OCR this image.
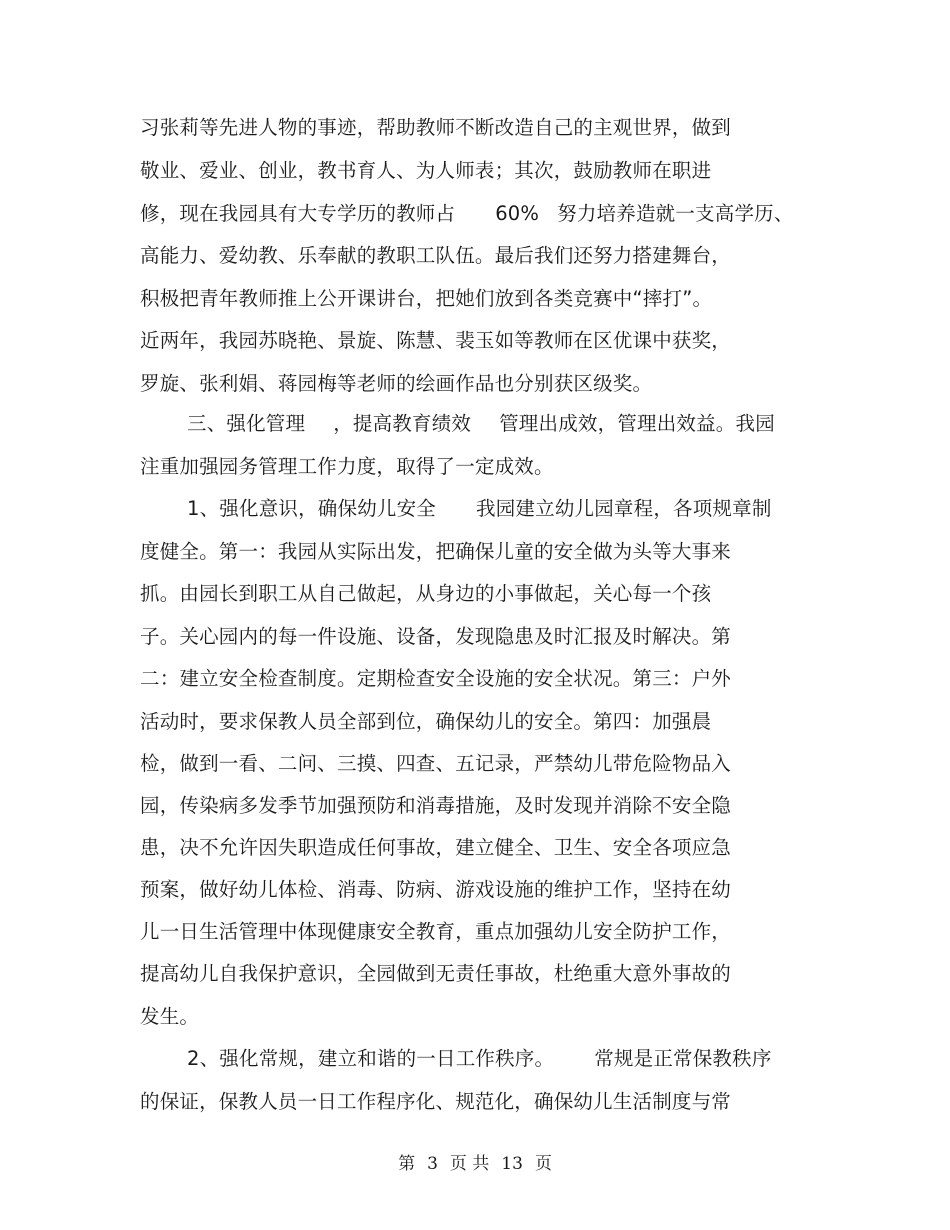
习张莉等先进人物的事迹，帮助教师不断改造自己的主观世界，做到
敬业、爱业、创业，教书育人、为人师表；其次，鼓励教师在职进
修，现在我园具有大专学历的教师占 60% 努力培养造就一支高学历、
高能力、爱幼教、乐奉献的教职工队伍。最后我们还努力搭建舞台，
积极把青年教师推上公开课讲台，把她们放到各类竞赛中“摔打”。
近两年，我园苏晓艳、景旋、陈慧、裴玉如等教师在区优课中获奖，
罗旋、张利娟、蒋园梅等老师的绘画作品也分别获区级奖。
三、强化管理 ，提高教育绩效 管理出成效，管理出效益。我园
注重加强园务管理工作力度，取得了一定成效。
1、强化意识，确保幼儿安全 我园建立幼儿园章程，各项规章制
度健全。第一：我园从实际出发，把确保儿童的安全做为头等大事来
抓。由园长到职工从自己做起，从身边的小事做起，关心每一个孩
子。关心园内的每一件设施、设备，发现隐患及时汇报及时解决。第
二：建立安全检查制度。定期检查安全设施的安全状况。第三：户外
活动时，要求保教人员全部到位，确保幼儿的安全。第四：加强晨
检，做到一看、二问、三摸、四查、五记录，严禁幼儿带危险物品入
园，传染病多发季节加强预防和消毒措施，及时发现并消除不安全隐
患，决不允许因失职造成任何事故，建立健全、卫生、安全各项应急
预案，做好幼儿体检、消毒、防病、游戏设施的维护工作，坚持在幼
儿一日生活管理中体现健康安全教育，重点加强幼儿安全防护工作，
提高幼儿自我保护意识，全园做到无责任事故，杜绝重大意外事故的
发生。
2、强化常规，建立和谐的一日工作秩序。 常规是正常保教秩序
的保证，保教人员一日工作程序化、规范化，确保幼儿生活制度与常
第 3 页 共 13 页
